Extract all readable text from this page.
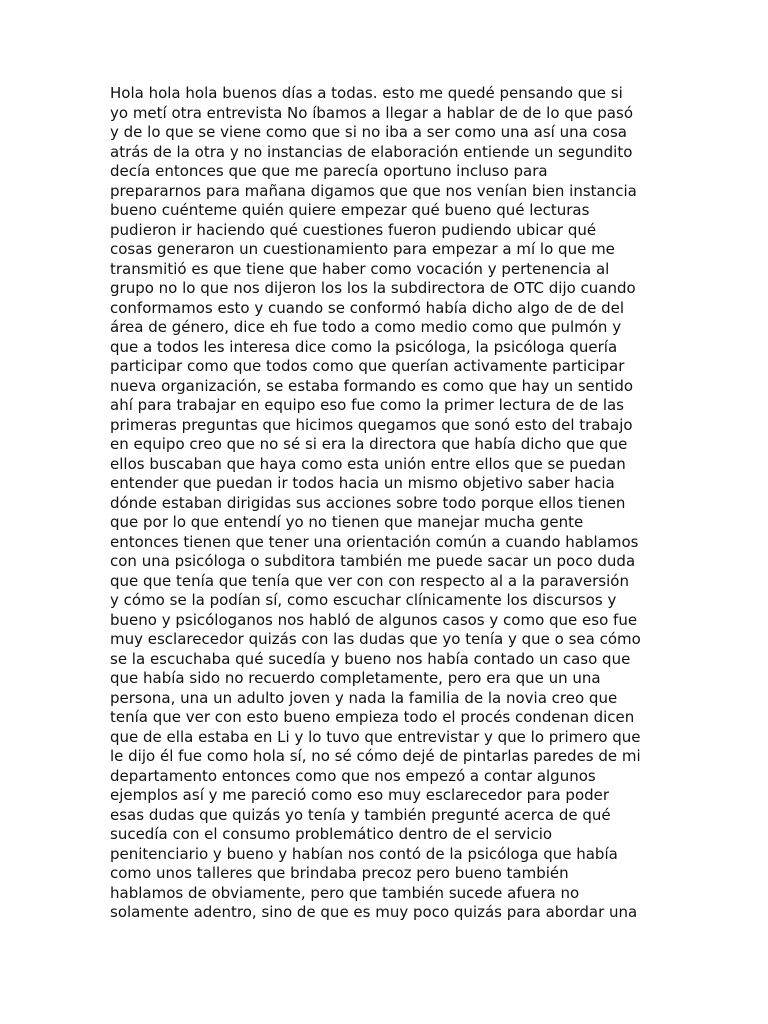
Hola hola hola buenos días a todas. esto me quedé pensando que si
yo metí otra entrevista No íbamos a llegar a hablar de de lo que pasó
y de lo que se viene como que si no iba a ser como una así una cosa
atrás de la otra y no instancias de elaboración entiende un segundito
decía entonces que que me parecía oportuno incluso para
prepararnos para mañana digamos que que nos venían bien instancia
bueno cuénteme quién quiere empezar qué bueno qué lecturas
pudieron ir haciendo qué cuestiones fueron pudiendo ubicar qué
cosas generaron un cuestionamiento para empezar a mí lo que me
transmitió es que tiene que haber como vocación y pertenencia al
grupo no lo que nos dijeron los los la subdirectora de OTC dijo cuando
conformamos esto y cuando se conformó había dicho algo de de del
área de género, dice eh fue todo a como medio como que pulmón y
que a todos les interesa dice como la psicóloga, la psicóloga quería
participar como que todos como que querían activamente participar
nueva organización, se estaba formando es como que hay un sentido
ahí para trabajar en equipo eso fue como la primer lectura de de las
primeras preguntas que hicimos quegamos que sonó esto del trabajo
en equipo creo que no sé si era la directora que había dicho que que
ellos buscaban que haya como esta unión entre ellos que se puedan
entender que puedan ir todos hacia un mismo objetivo saber hacia
dónde estaban dirigidas sus acciones sobre todo porque ellos tienen
que por lo que entendí yo no tienen que manejar mucha gente
entonces tienen que tener una orientación común a cuando hablamos
con una psicóloga o subditora también me puede sacar un poco duda
que que tenía que tenía que ver con con respecto al a la paraversión
y cómo se la podían sí, como escuchar clínicamente los discursos y
bueno y psicóloganos nos habló de algunos casos y como que eso fue
muy esclarecedor quizás con las dudas que yo tenía y que o sea cómo
se la escuchaba qué sucedía y bueno nos había contado un caso que
que había sido no recuerdo completamente, pero era que un una
persona, una un adulto joven y nada la familia de la novia creo que
tenía que ver con esto bueno empieza todo el procés condenan dicen
que de ella estaba en Li y lo tuvo que entrevistar y que lo primero que
le dijo él fue como hola sí, no sé cómo dejé de pintarlas paredes de mi
departamento entonces como que nos empezó a contar algunos
ejemplos así y me pareció como eso muy esclarecedor para poder
esas dudas que quizás yo tenía y también pregunté acerca de qué
sucedía con el consumo problemático dentro de el servicio
penitenciario y bueno y habían nos contó de la psicóloga que había
como unos talleres que brindaba precoz pero bueno también
hablamos de obviamente, pero que también sucede afuera no
solamente adentro, sino de que es muy poco quizás para abordar una
